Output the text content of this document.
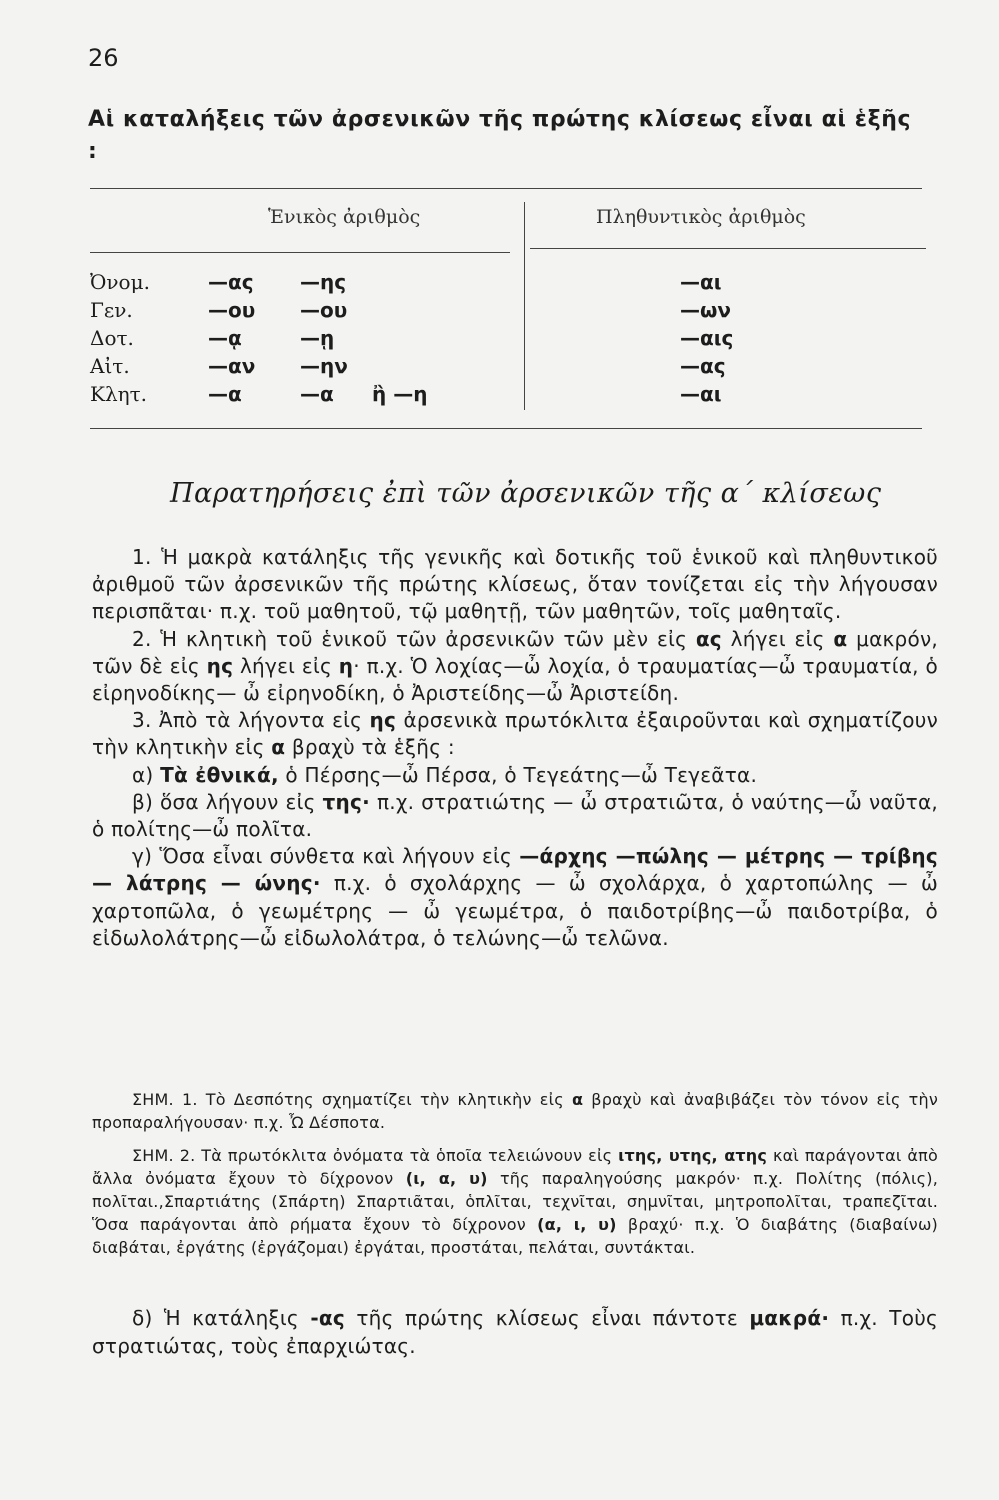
26
Αἱ καταλήξεις τῶν ἀρσενικῶν τῆς πρώτης κλίσεως εἶναι αἱ ἑξῆς :
Ἑνικὸς ἀριθμὸς	Πληθυντικὸς ἀριθμὸς
Ὀνομ.	—ας —ης	—αι
Γεν.	—ου —ου	—ων
Δοτ.	—ᾳ	—ῃ	—αις
Αἰτ.	—αν —ην	—ας
Κλητ.	—α	—α ἢ —η	—αι
Παρατηρήσεις ἐπὶ τῶν ἀρσενικῶν τῆς α΄ κλίσεως

1. Ἡ μακρὰ κατάληξις τῆς γενικῆς καὶ δοτικῆς τοῦ ἑνικοῦ καὶ πληθυντικοῦ ἀριθμοῦ τῶν ἀρσενικῶν τῆς πρώτης κλίσεως, ὅταν τονίζεται εἰς τὴν λήγουσαν περισπᾶται· π.χ. τοῦ μαθητοῦ, τῷ μαθητῇ, τῶν μαθητῶν, τοῖς μαθηταῖς.

2. Ἡ κλητικὴ τοῦ ἑνικοῦ τῶν ἀρσενικῶν τῶν μὲν εἰς ας λήγει εἰς α μακρόν, τῶν δὲ εἰς ης λήγει εἰς η· π.χ. Ὁ λοχίας—ὦ λοχία, ὁ τραυματίας—ὦ τραυματία, ὁ εἰρηνοδίκης— ὦ εἰρηνοδίκη, ὁ Ἀριστείδης—ὦ Ἀριστείδη.

3. Ἀπὸ τὰ λήγοντα εἰς ης ἀρσενικὰ πρωτόκλιτα ἐξαιροῦνται καὶ σχηματίζουν τὴν κλητικὴν εἰς α βραχὺ τὰ ἑξῆς :

α) Τὰ ἐθνικά, ὁ Πέρσης—ὦ Πέρσα, ὁ Τεγεάτης—ὦ Τεγεᾶτα.

β) ὅσα λήγουν εἰς της· π.χ. στρατιώτης — ὦ στρατιῶτα, ὁ ναύτης—ὦ ναῦτα, ὁ πολίτης—ὦ πολῖτα.

γ) Ὅσα εἶναι σύνθετα καὶ λήγουν εἰς —άρχης —πώλης — μέτρης — τρίβης — λάτρης — ώνης· π.χ. ὁ σχολάρχης — ὦ σχολάρχα, ὁ χαρτοπώλης — ὦ χαρτοπῶλα, ὁ γεωμέτρης — ὦ γεωμέτρα, ὁ παιδοτρίβης—ὦ παιδοτρίβα, ὁ εἰδωλολάτρης—ὦ εἰδωλολάτρα, ὁ τελώνης—ὦ τελῶνα.

ΣΗΜ. 1. Τὸ Δεσπότης σχηματίζει τὴν κλητικὴν εἰς α βραχὺ καὶ ἀναβιβάζει τὸν τόνον εἰς τὴν προπαραλήγουσαν· π.χ. Ὦ Δέσποτα.

ΣΗΜ. 2. Τὰ πρωτόκλιτα ὀνόματα τὰ ὁποῖα τελειώνουν εἰς ιτης, υτης, ατης καὶ παράγονται ἀπὸ ἄλλα ὀνόματα ἔχουν τὸ δίχρονον (ι, α, υ) τῆς παραληγούσης μακρόν· π.χ. Πολίτης (πόλις), πολῖται.,Σπαρτιάτης (Σπάρτη) Σπαρτιᾶται, ὁπλῖται, τεχνῖται, σημνῖται, μητροπολῖται, τραπεζῖται. Ὅσα παράγονται ἀπὸ ρήματα ἔχουν τὸ δίχρονον (α, ι, υ) βραχύ· π.χ. Ὁ διαβάτης (διαβαίνω) διαβάται, ἐργάτης (ἐργάζομαι) ἐργάται, προστάται, πελάται, συντάκται.

δ) Ἡ κατάληξις -ας τῆς πρώτης κλίσεως εἶναι πάντοτε μακρά· π.χ. Τοὺς στρατιώτας, τοὺς ἐπαρχιώτας.
